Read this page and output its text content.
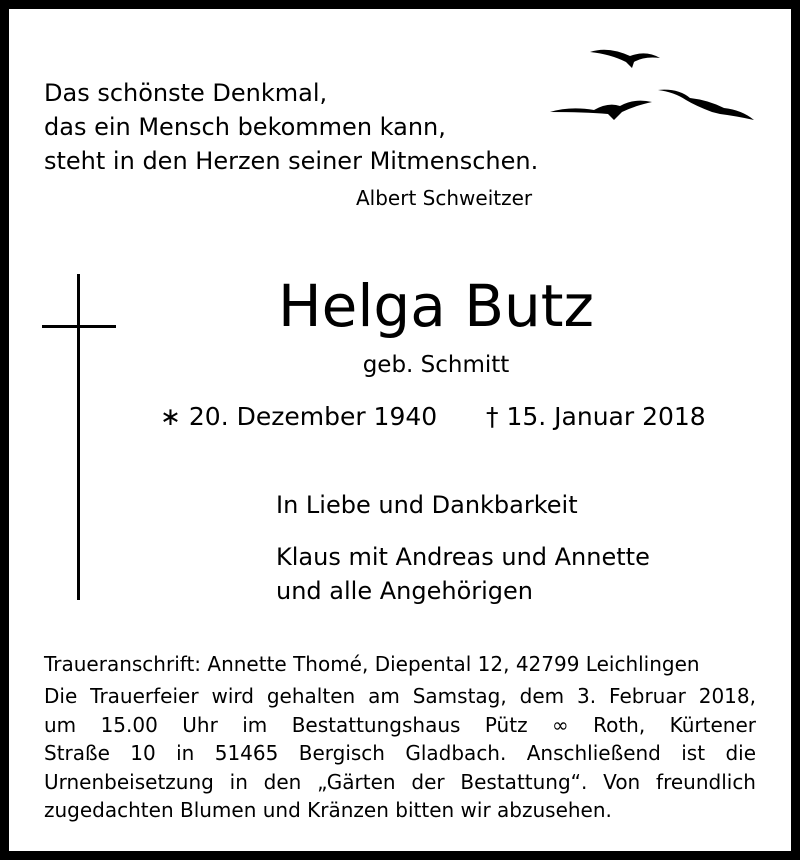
Das schönste Denkmal,
das ein Mensch bekommen kann,
steht in den Herzen seiner Mitmenschen.
Albert Schweitzer
Helga Butz
geb. Schmitt
∗ 20. Dezember 1940 † 15. Januar 2018
In Liebe und Dankbarkeit
Klaus mit Andreas und Annette
und alle Angehörigen
Traueranschrift: Annette Thomé, Diepental 12, 42799 Leichlingen
Die Trauerfeier wird gehalten am Samstag, dem 3. Februar 2018,
um 15.00 Uhr im Bestattungshaus Pütz ∞ Roth, Kürtener
Straße 10 in 51465 Bergisch Gladbach. Anschließend ist die
Urnenbeisetzung in den „Gärten der Bestattung“. Von freundlich
zugedachten Blumen und Kränzen bitten wir abzusehen.
